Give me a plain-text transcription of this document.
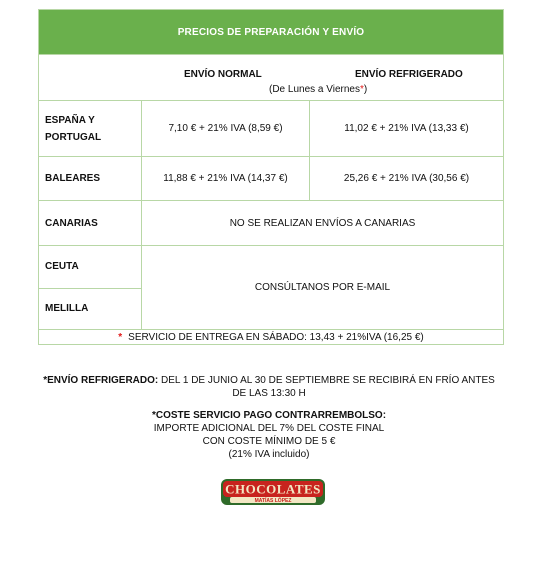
PRECIOS DE PREPARACIÓN Y ENVÍO
ENVÍO NORMAL	ENVÍO REFRIGERADO
(De Lunes a Viernes*)
ESPAÑA Y
PORTUGAL
7,10 € + 21% IVA (8,59 €)	11,02 € + 21% IVA (13,33 €)
BALEARES	11,88 € + 21% IVA (14,37 €)	25,26 € + 21% IVA (30,56 €)
CANARIAS	NO SE REALIZAN ENVÍOS A CANARIAS
CEUTA
MELILLA
CONSÚLTANOS POR E-MAIL
* SERVICIO DE ENTREGA EN SÁBADO: 13,43 + 21%IVA (16,25 €)
*ENVÍO REFRIGERADO: DEL 1 DE JUNIO AL 30 DE SEPTIEMBRE SE RECIBIRÁ EN FRÍO ANTES
DE LAS 13:30 H
*COSTE SERVICIO PAGO CONTRARREMBOLSO:
IMPORTE ADICIONAL DEL 7% DEL COSTE FINAL
CON COSTE MÍNIMO DE 5 €
(21% IVA incluido)
CHOCOLATES
MATÍAS LÓPEZ
